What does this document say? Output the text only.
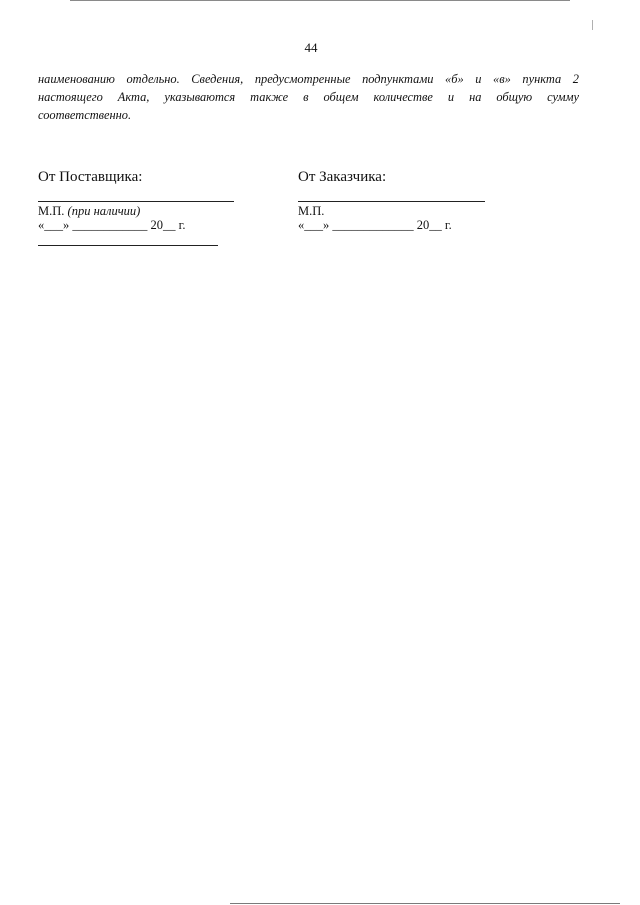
44
наименованию отдельно. Сведения, предусмотренные подпунктами «б» и «в» пункта 2
настоящего Акта, указываются также в общем количестве и на общую сумму
соответственно.
От Поставщика:
М.П. (при наличии)
«___» ____________ 20__ г.
От Заказчика:
М.П.
«___» _____________ 20__ г.
